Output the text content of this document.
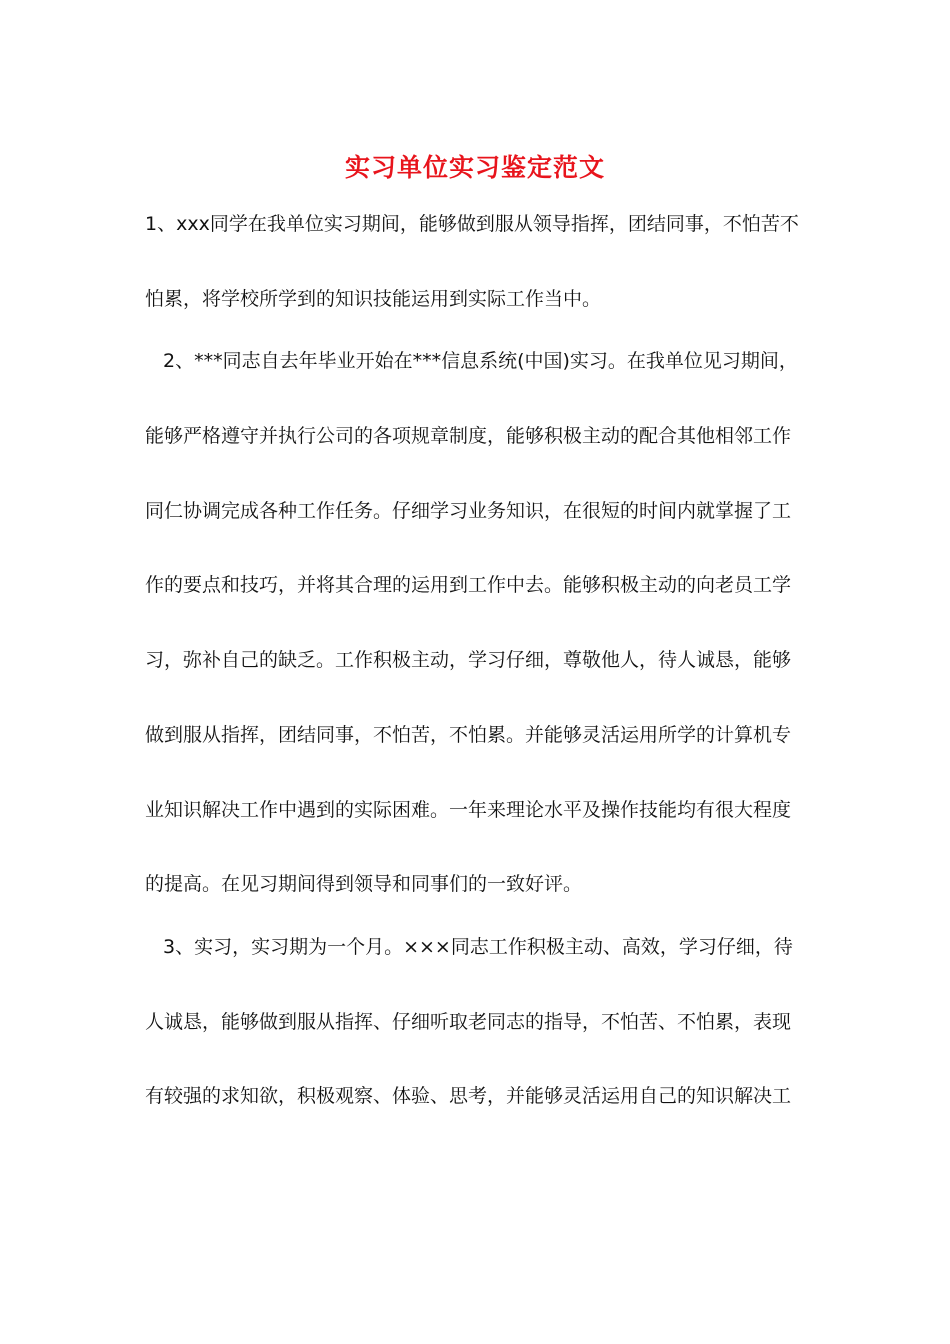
实习单位实习鉴定范文
1、xxx同学在我单位实习期间，能够做到服从领导指挥，团结同事，不怕苦不
怕累，将学校所学到的知识技能运用到实际工作当中。
2、***同志自去年毕业开始在***信息系统(中国)实习。在我单位见习期间，
能够严格遵守并执行公司的各项规章制度，能够积极主动的配合其他相邻工作
同仁协调完成各种工作任务。仔细学习业务知识，在很短的时间内就掌握了工
作的要点和技巧，并将其合理的运用到工作中去。能够积极主动的向老员工学
习，弥补自己的缺乏。工作积极主动，学习仔细，尊敬他人，待人诚恳，能够
做到服从指挥，团结同事，不怕苦，不怕累。并能够灵活运用所学的计算机专
业知识解决工作中遇到的实际困难。一年来理论水平及操作技能均有很大程度
的提高。在见习期间得到领导和同事们的一致好评。
3、实习，实习期为一个月。×××同志工作积极主动、高效，学习仔细，待
人诚恳，能够做到服从指挥、仔细听取老同志的指导，不怕苦、不怕累，表现
有较强的求知欲，积极观察、体验、思考，并能够灵活运用自己的知识解决工
